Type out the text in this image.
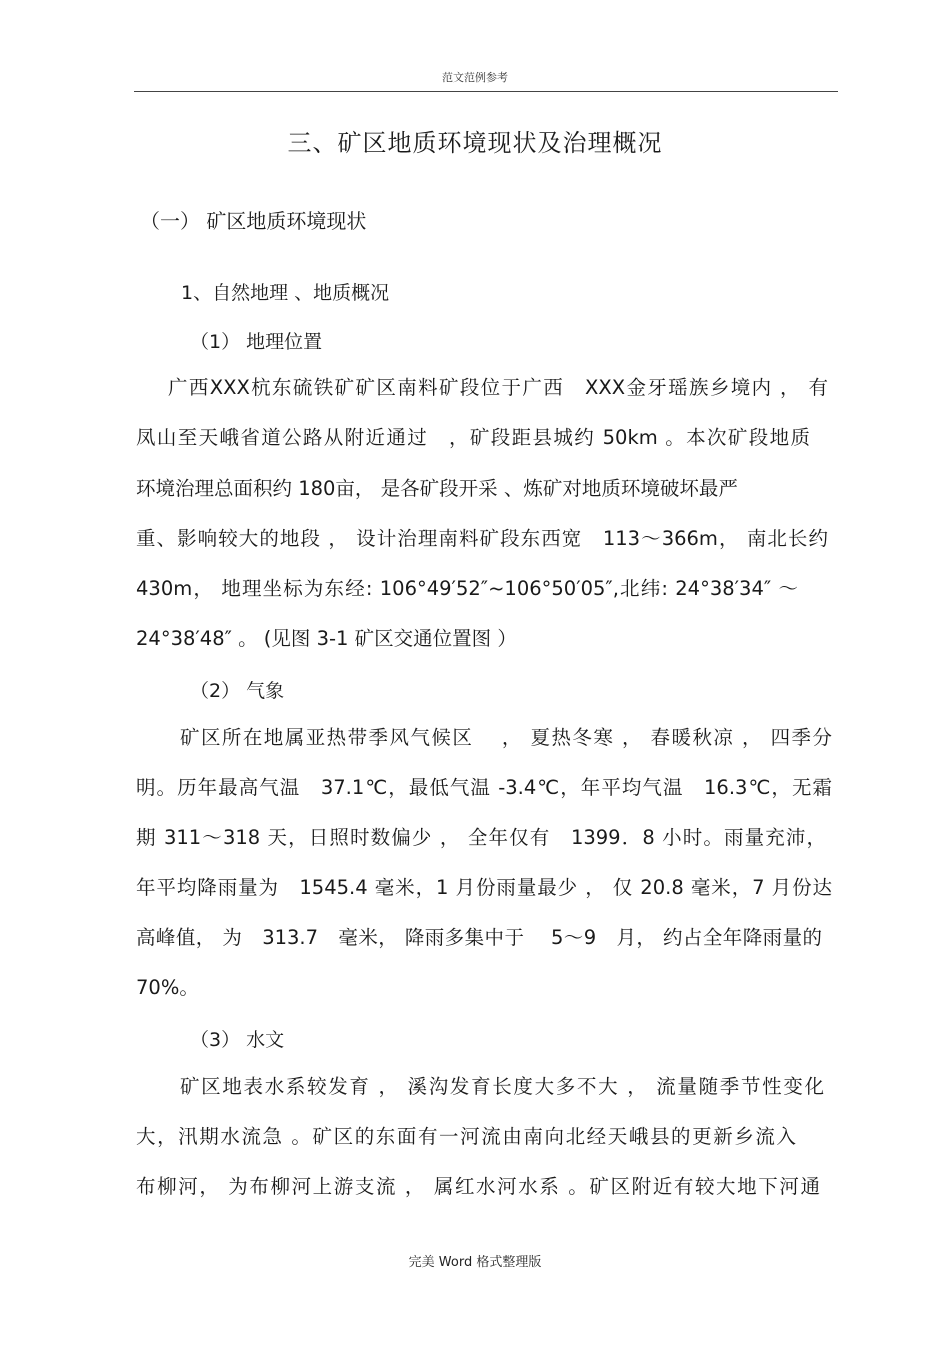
范文范例参考
三、矿区地质环境现状及治理概况
（一） 矿区地质环境现状
1、自然地理 、地质概况
（1） 地理位置
广西XXX杭东硫铁矿矿区南料矿段位于广西　XXX金牙瑶族乡境内 ， 有
凤山至天峨省道公路从附近通过　，矿段距县城约 50km 。本次矿段地质
环境治理总面积约 180亩， 是各矿段开采 、炼矿对地质环境破坏最严
重、影响较大的地段 ， 设计治理南料矿段东西宽　113～366m， 南北长约
430m， 地理坐标为东经: 106°49′52″~106°50′05″,北纬: 24°38′34″ ～
24°38′48″ 。 (见图 3-1 矿区交通位置图 ）
（2） 气象
矿区所在地属亚热带季风气候区　 ， 夏热冬寒 ， 春暖秋凉 ， 四季分
明。历年最高气温　37.1℃，最低气温 -3.4℃，年平均气温　16.3℃，无霜
期 311～318 天，日照时数偏少 ， 全年仅有　1399．8 小时。雨量充沛，
年平均降雨量为　1545.4 毫米，1 月份雨量最少 ， 仅 20.8 毫米，7 月份达
高峰值， 为　313.7　毫米， 降雨多集中于　 5～9　月， 约占全年降雨量的
70%。
（3） 水文
矿区地表水系较发育 ， 溪沟发育长度大多不大 ， 流量随季节性变化
大，汛期水流急 。矿区的东面有一河流由南向北经天峨县的更新乡流入
布柳河， 为布柳河上游支流 ， 属红水河水系 。矿区附近有较大地下河通
完美 Word 格式整理版
